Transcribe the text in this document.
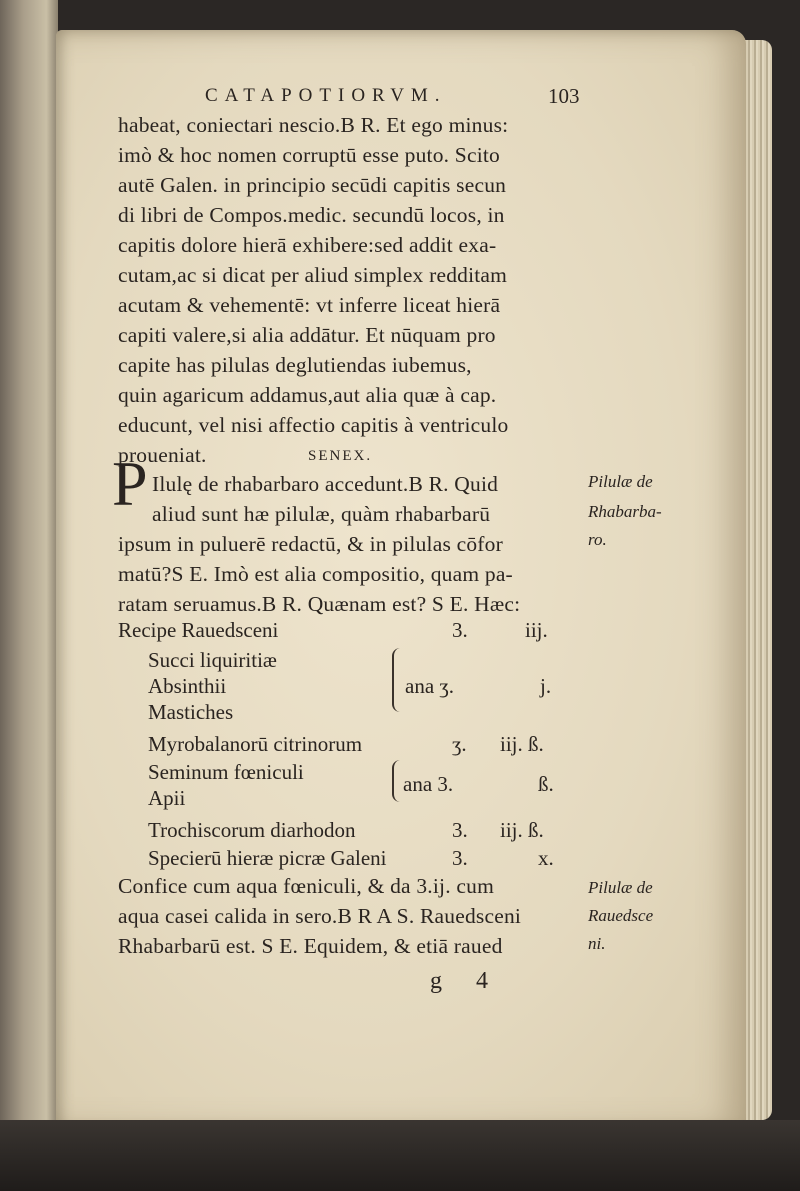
CATAPOTIORVM.	103
habeat, coniectari nescio.B R. Et ego minus:
imò & hoc nomen corruptū esse puto. Scito
autē Galen. in principio secūdi capitis secun
di libri de Compos.medic. secundū locos, in
capitis dolore hierā exhibere:sed addit exa-
cutam,ac si dicat per aliud simplex redditam
acutam & vehementē: vt inferre liceat hierā
capiti valere,si alia addātur. Et nūquam pro
capite has pilulas deglutiendas iubemus,
quin agaricum addamus,aut alia quæ à cap.
educunt, vel nisi affectio capitis à ventriculo
proueniat.	SENEX.
P Ilulę de rhabarbaro accedunt.B R. Quid
aliud sunt hæ pilulæ, quàm rhabarbarū
ipsum in puluerē redactū, & in pilulas cōfor
matū?S E. Imò est alia compositio, quam pa-
ratam seruamus.B R. Quænam est? S E. Hæc:
Pilulæ de
Rhabarba-
ro.
Recipe Rauedsceni	3.	iij.
Succi liquiritiæ
Absinthii
Mastiches
ana ʒ.	j.
Myrobalanorū citrinorum	ʒ. iij. ß.
Seminum fœniculi
Apii
ana 3.	ß.
Trochiscorum diarhodon	3. iij. ß.
Specierū hieræ picræ Galeni	3.	x.
Confice cum aqua fœniculi, & da 3.ij. cum
aqua casei calida in sero.B R A S. Rauedsceni
Rhabarbarū est. S E. Equidem, & etiā raued
Pilulæ de
Rauedsce
ni.
g 4
